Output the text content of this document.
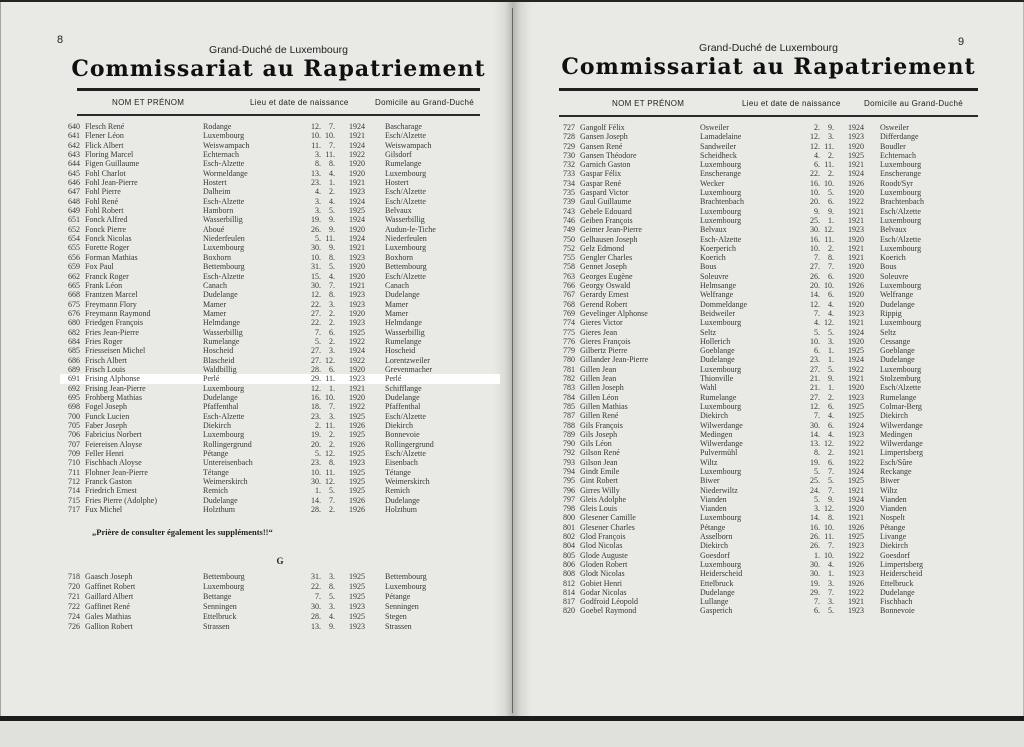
8
Grand-Duché de Luxembourg
Commissariat au Rapatriement
NOM ET PRÉNOM	Lieu et date de naissance	Domicile au Grand-Duché
640 Flesch René	Rodange	12. 7. 1924	Bascharage
641 Flener Léon	Luxembourg	10. 10. 1921	Esch/Alzette
642 Flick Albert	Weiswampach	11. 7. 1924	Weiswampach
643 Floring Marcel	Echternach	3. 11. 1922	Gilsdorf
644 Figen Guillaume	Esch-Alzette	8. 8. 1920	Rumelange
645 Fohl Charlot	Wormeldange	13. 4. 1920	Luxembourg
646 Fohl Jean-Pierre	Hostert	23. 1. 1921	Hostert
647 Fohl Pierre	Dalheim	4. 2. 1923	Esch/Alzette
648 Fohl René	Esch-Alzette	3. 4. 1924	Esch/Alzette
649 Fohl Robert	Hamborn	3. 5. 1925	Belvaux
651 Fonck Alfred	Wasserbillig	19. 9. 1924	Wasserbillig
652 Fonck Pierre	Aboué	26. 9. 1920	Audun-le-Tiche
654 Fonck Nicolas	Niederfeulen	5. 11. 1924	Niederfeulen
655 Forette Roger	Luxembourg	30. 9. 1921	Luxembourg
656 Forman Mathias	Boxhorn	10. 8. 1923	Boxhorn
659 Fox Paul	Bettembourg	31. 5. 1920	Bettembourg
662 Franck Roger	Esch-Alzette	15. 4. 1920	Esch/Alzette
665 Frank Léon	Canach	30. 7. 1921	Canach
668 Frantzen Marcel	Dudelange	12. 8. 1923	Dudelange
675 Freymann Flory	Mamer	22. 3. 1923	Mamer
676 Freymann Raymond	Mamer	27. 2. 1920	Mamer
680 Friedgen François	Helmdange	22. 2. 1923	Helmdange
682 Fries Jean-Pierre	Wasserbillig	7. 6. 1925	Wasserbillig
684 Fries Roger	Rumelange	5. 2. 1922	Rumelange
685 Friesseisen Michel	Hoscheid	27. 3. 1924	Hoscheid
686 Frisch Albert	Blascheid	27. 12. 1922	Lorentzweiler
689 Frisch Louis	Waldbillig	28. 6. 1920	Grevenmacher
691 Frising Alphonse	Perlé	29. 11. 1923	Perlé
692 Frising Jean-Pierre	Luxembourg	12. 1. 1921	Schifflange
695 Frohberg Mathias	Dudelange	16. 10. 1920	Dudelange
698 Fogel Joseph	Pfaffenthal	18. 7. 1922	Pfaffenthal
700 Funck Lucien	Esch-Alzette	23. 3. 1925	Esch/Alzette
705 Faber Joseph	Diekirch	2. 11. 1926	Diekirch
706 Fabricius Norbert	Luxembourg	19. 2. 1925	Bonnevoie
707 Feiereisen Aloyse	Rollingergrund	20. 2. 1926	Rollingergrund
709 Feller Henri	Pétange	5. 12. 1925	Esch/Alzette
710 Fischbach Aloyse	Untereisenbach	23. 8. 1923	Eisenbach
711 Flohner Jean-Pierre	Tétange	10. 11. 1925	Tétange
712 Franck Gaston	Weimerskirch	30. 12. 1925	Weimerskirch
714 Friedrich Ernest	Remich	1. 5. 1925	Remich
715 Fries Pierre (Adolphe)	Dudelange	14. 7. 1926	Dudelange
717 Fux Michel	Holzthum	28. 2. 1926	Holzthum
„Prière de consulter également les suppléments!!“
G
718 Gaasch Joseph	Bettembourg	31. 3. 1925	Bettembourg
720 Gaffinet Robert	Luxembourg	22. 8. 1925	Luxembourg
721 Gaillard Albert	Bettange	7. 5. 1925	Pétange
722 Gaffinet René	Senningen	30. 3. 1923	Senningen
724 Gales Mathias	Ettelbruck	28. 4. 1925	Stegen
726 Gallion Robert	Strassen	13. 9. 1923	Strassen
9
Grand-Duché de Luxembourg
Commissariat au Rapatriement
NOM ET PRÉNOM	Lieu et date de naissance	Domicile au Grand-Duché
727 Gangolf Félix	Osweiler	2. 9. 1924 Osweiler
728 Gansen Joseph	Lamadelaine	12. 3. 1923 Differdange
729 Gansen René	Sandweiler	12. 11. 1920 Boudler
730 Gansen Théodore	Scheidheck	4. 2. 1925 Echternach
732 Garnich Gaston	Luxembourg	6. 11. 1921 Luxembourg
733 Gaspar Félix	Enscherange	22. 2. 1924 Enscherange
734 Gaspar René	Wecker	16. 10. 1926 Roodt/Syr
735 Gaspard Victor	Luxembourg	10. 5. 1920 Luxembourg
739 Gaul Guillaume	Brachtenbach	20. 6. 1922 Brachtenbach
743 Gebele Edouard	Luxembourg	9. 9. 1921 Esch/Alzette
746 Geiben François	Luxembourg	25. 1. 1921 Luxembourg
749 Geimer Jean-Pierre	Belvaux	30. 12. 1923 Belvaux
750 Gelhausen Joseph	Esch-Alzette	16. 11. 1920 Esch/Alzette
752 Gelz Edmond	Koerperich	10. 2. 1921 Luxembourg
755 Gengler Charles	Koerich	7. 8. 1921 Koerich
758 Gennet Joseph	Bous	27. 7. 1920 Bous
763 Georges Eugène	Soleuvre	26. 6. 1920 Soleuvre
766 Georgy Oswald	Helmsange	20. 10. 1926 Luxembourg
767 Gerardy Ernest	Welfrange	14. 6. 1920 Welfrange
768 Gerend Robert	Dommeldange	12. 4. 1920 Dudelange
769 Gevelinger Alphonse	Beidweiler	7. 4. 1923 Rippig
774 Gieres Victor	Luxembourg	4. 12. 1921 Luxembourg
775 Gieres Jean	Seltz	5. 5. 1924 Seltz
776 Gieres François	Hollerich	10. 3. 1920 Cessange
779 Gilbertz Pierre	Goeblange	6. 1. 1925 Goeblange
780 Gillander Jean-Pierre	Dudelange	23. 1. 1924 Dudelange
781 Gillen Jean	Luxembourg	27. 5. 1922 Luxembourg
782 Gillen Jean	Thionville	21. 9. 1921 Stolzemburg
783 Gillen Joseph	Wahl	21. 1. 1920 Esch/Alzette
784 Gillen Léon	Rumelange	27. 2. 1923 Rumelange
785 Gillen Mathias	Luxembourg	12. 6. 1925 Colmar-Berg
787 Gillen René	Diekirch	7. 4. 1925 Diekirch
788 Gils François	Wilwerdange	30. 6. 1924 Wilwerdange
789 Gils Joseph	Medingen	14. 4. 1923 Medingen
790 Gils Léon	Wilwerdange	13. 12. 1922 Wilwerdange
792 Gilson René	Pulvermühl	8. 2. 1921 Limpertsberg
793 Gilson Jean	Wiltz	19. 6. 1922 Esch/Sûre
794 Gindt Emile	Luxembourg	5. 7. 1924 Reckange
795 Gint Robert	Biwer	25. 5. 1925 Biwer
796 Girres Willy	Niederwiltz	24. 7. 1921 Wiltz
797 Gleis Adolphe	Vianden	5. 9. 1924 Vianden
798 Gleis Louis	Vianden	3. 12. 1920 Vianden
800 Glesener Camille	Luxembourg	14. 8. 1921 Nospelt
801 Glesener Charles	Pétange	16. 10. 1926 Pétange
802 Glod François	Asselborn	26. 11. 1925 Livange
804 Glod Nicolas	Diekirch	26. 7. 1923 Diekirch
805 Glode Auguste	Goesdorf	1. 10. 1922 Goesdorf
806 Gloden Robert	Luxembourg	30. 4. 1926 Limpertsberg
808 Glodt Nicolas	Heiderscheid	30. 1. 1923 Heiderscheid
812 Gobiet Henri	Ettelbruck	19. 3. 1926 Ettelbruck
814 Godar Nicolas	Dudelange	29. 7. 1922 Dudelange
817 Godfroid Léopold	Lullange	7. 3. 1921 Fischbach
820 Goebel Raymond	Gasperich	6. 5. 1923 Bonnevoie
